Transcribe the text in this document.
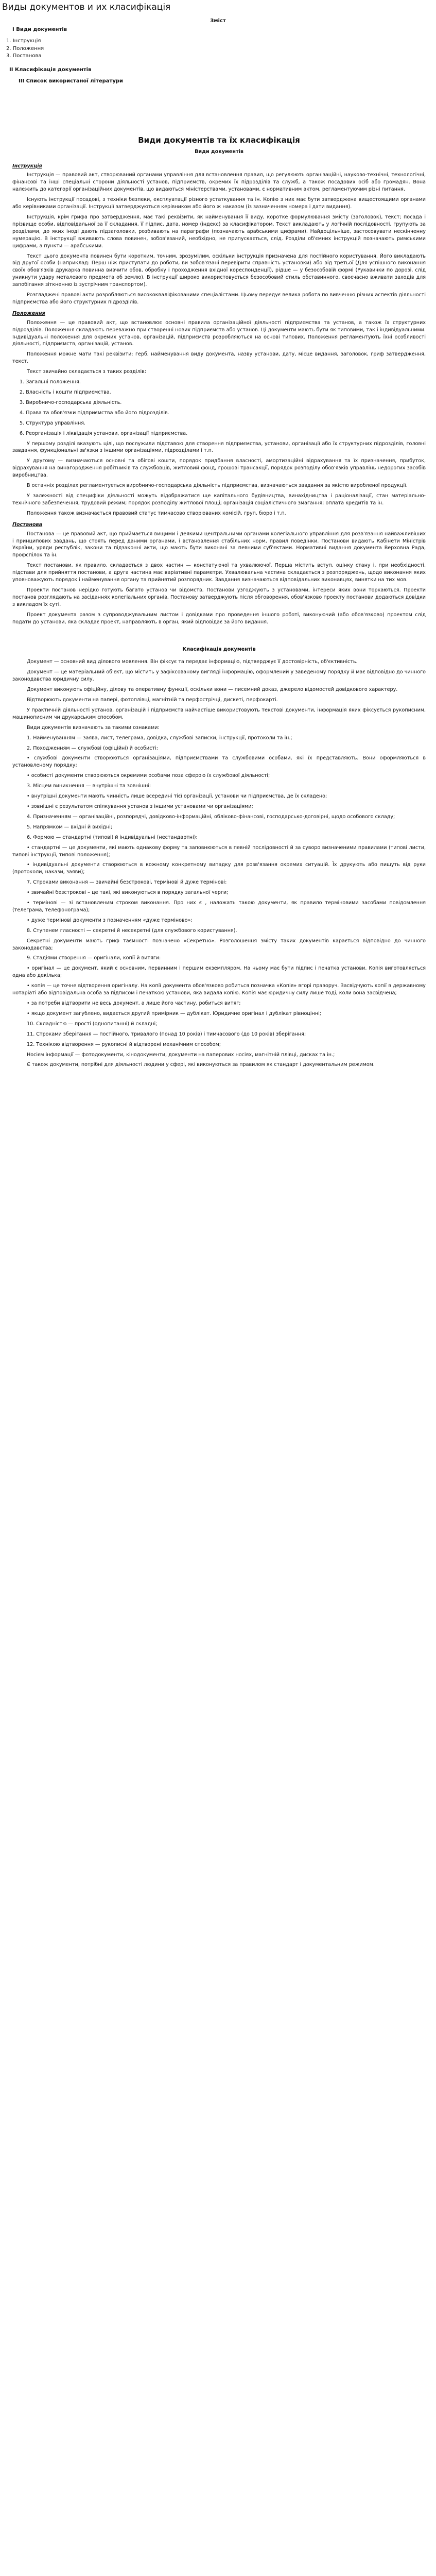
Виды документов и их класифікація
Зміст
І Види документів
1. Інструкція
2. Положення
3. Постанова
ІІ Класифікація документів
ІІІ Список використаної літератури
Види документів та їх класифікація
Види документів
Інструкція

Інструкція — правовий акт, створюваний органами управління для встановлення правил, що регулюють організаційні, науково-технічні, технологічні, фінансові та інші спеціальні сторони діяльності установ, підприємств, окремих їх підрозділів та служб, а також посадових осіб або громадян. Вона належить до категорії організаційних документів, що видаються міністерствами, установами, є нормативним актом, регламентуючим різні питання.

Існують інструкції посадові, з техніки безпеки, експлуатації різного устаткування та ін. Копію з них має бути затверджена вищестоящими органами або керівниками організації. Інструкції затверджуються керівником або його ж наказом (із зазначенням номера і дати видання).

Інструкція, крім грифа про затвердження, має такі реквізити, як найменування її виду, коротке формулювання змісту (заголовок), текст; посада і прізвище особи, відповідальної за її складання, її підпис, дата, номер (індекс) за класифікатором. Текст викладають у логічній послідовності, групують за розділами, до яких іноді дають підзаголовки, розбивають на параграфи (позначають арабськими цифрами). Найдоцільніше, застосовувати нескінченну нумерацію. В інструкції вживають слова повинен, зобов'язаний, необхідно, не припускається, слід. Розділи об'ємних інструкцій позначають римськими цифрами, а пункти — арабськими.

Текст цього документа повинен бути коротким, точним, зрозумілим, оскільки інструкція призначена для постійного користування. Його викладають від другої особи (наприклад: Перш ніж приступати до роботи, ви зобов'язані перевірити справність установки) або від третьої (Для успішного виконання своїх обов'язків друкарка повинна вивчити обов, обробку і проходження вхідної кореспонденції), рідше — у безособовій формі (Рукавички по дорозі, слід уникнути удару металевого предмета об землю). В інструкції широко використовується безособовий стиль обставинного, своєчасно вживати заходів для запобігання зіткненню із зустрічним транспортом).

Розгладжені правові акти розробляються висококваліфікованими спеціалістами. Цьому передує велика робота по вивченню різних аспектів діяльності підприємства або його структурних підрозділів.

Положення

Положення — це правовий акт, що встановлює основні правила організаційної діяльності підприємства та установ, а також їх структурних підрозділів. Положення складають переважно при створенні нових підприємств або установ. Ці документи мають бути як типовими, так і індивідуальними. Індивідуальні положення для окремих установ, організацій, підприємств розробляються на основі типових. Положення регламентують їхні особливості діяльності, підприємств, організацій, установ.

Положення можне мати такі реквізити: герб, найменування виду документа, назву установи, дату, місце видання, заголовок, гриф затвердження, текст.

Текст звичайно складається з таких розділів:

1. Загальні положення.

2. Власність і кошти підприємства.

3. Виробничо-господарська діяльність.

4. Права та обов'язки підприємства або його підрозділів.

5. Структура управління.

6. Реорганізація і ліквідація установи, організації підприємства.

У першому розділі вказують цілі, що послужили підставою для створення підприємства, установи, організації або їх структурних підрозділів, головні завдання, функціональні зв'язки з іншими організаціями, підрозділами і т.п.

У другому — визначаються основні та обігові кошти, порядок придбання власності, амортизаційні відрахування та їх призначення, прибуток, відрахування на винагородження робітників та службовців, житловий фонд, грошові трансакції, порядок розподілу обов'язків управлінь недорогих засобів виробництва.

В останніх розділах регламентується виробничо-господарська діяльність підприємства, визначаються завдання за якістю виробленої продукції.

У залежності від специфіки діяльності можуть відображатися ще капітального будівництва, винахідництва і раціоналізації, стан матеріально-технічного забезпечення, трудовий режим; порядок розподілу житлової площі; організація соціалістичного змагання; оплата кредитів та ін.

Положення також визначається правовий статус тимчасово створюваних комісій, груп, бюро і т.п.

Постанова

Постанова — це правовий акт, що приймається вищими і деякими центральними органами колегіального управління для розв'язання найважливіших і принципових завдань, що стоять перед даними органами, і встановлення стабільних норм, правил поведінки. Постанови видають Кабінети Міністрів України, уряди республік, закони та підзаконні акти, що мають бути виконані за певними суб'єктами. Нормативні видання документа Верховна Рада, профспілок та ін.

Текст постанови, як правило, складається з двох частин — констатуючої та ухвалюючої. Перша містить вступ, оцінку стану і, при необхідності, підстави для прийняття постанови, а друга частина має варіативні параметри. Ухвалювальна частина складається з розпоряджень, щодо виконання яких уповноважують порядок і найменування органу та прийнятий розпорядник. Завдання визначаються відповідальних виконавцях, винятки на тих мов.

Проекти постанов нерідко готують багато установ чи відомств. Постанови узгоджують з установами, інтереси яких вони торкаються. Проекти постанов розглядають на засіданнях колегіальних органів. Постанову затверджують після обговорення, обов'язково проекту постанови додаються довідки з викладом їх суті.

Проект документа разом з супроводжувальним листом і довідками про проведення іншого роботі, виконуючий (або обов'язково) проектом слід подати до установи, яка складає проект, направляють в орган, який відповідає за його видання.

Класифікація документів

Документ — основний вид ділового мовлення. Він фіксує та передає інформацію, підтверджує її достовірність, об'єктивність.

Документ — це матеріальний об'єкт, що містить у зафіксованому вигляді інформацію, оформлений у заведеному порядку й має відповідно до чинного законодавства юридичну силу.

Документ виконують офіційну, ділову та оперативну функції, оскільки вони — писемний доказ, джерело відомостей довідкового характеру.

Відтворюють документи на папері, фотоплівці, магнітній та перфострічці, дискеті, перфокарті.

У практичній діяльності установ, організацій і підприємств найчастіше використовують текстові документи, інформація яких фіксується рукописним, машинописним чи друкарським способом.

Види документів визначають за такими ознаками:

1. Найменуванням — заява, лист, телеграма, довідка, службові записки, інструкції, протоколи та ін.;

2. Походженням — службові (офіційні) й особисті:

• службові документи створюються організаціями, підприємствами та службовими особами, які їх представляють. Вони оформляються в установленому порядку;

• особисті документи створюються окремими особами поза сферою їх службової діяльності;

3. Місцем виникнення — внутрішні та зовнішні:

• внутрішні документи мають чинність лише всередині тієї організації, установи чи підприємства, де їх складено;

• зовнішні є результатом спілкування установ з іншими установами чи організаціями;

4. Призначенням — організаційні, розпорядчі, довідково-інформаційні, обліково-фінансові, господарсько-договірні, щодо особового складу;

5. Напрямком — вхідні й вихідні;

6. Формою — стандартні (типові) й індивідуальні (нестандартні):

• стандартні — це документи, які мають однакову форму та заповнюються в певній послідовності й за суворо визначеними правилами (типові листи, типові інструкції, типові положення);

• індивідуальні документи створюються в кожному конкретному випадку для розв'язання окремих ситуацій. Їх друкують або пишуть від руки (протоколи, накази, заяви);

7. Строками виконання — звичайні безстрокові, термінові й дуже термінові:

• звичайні безстрокові – це такі, які виконуються в порядку загальної черги;

• термінові — зі встановленим строком виконання. Про них є , наложать такою документи, як правило терміновими засобами повідомлення (телеграма, телефонограма);

• дуже термінові документи з позначенням «дуже терміново»;

8. Ступенем гласності — секретні й несекретні (для службового користування).

Секретні документи мають гриф таємності позначено «Секретно». Розголошення змісту таких документів карається відповідно до чинного законодавства;

9. Стадіями створення — оригінали, копії й витяги:

• оригінал — це документ, який є основним, первинним і першим екземпляром. На ньому має бути підпис і печатка установи. Копія виготовляється одна або декілька;

• копія — це точне відтворення оригіналу. На копії документа обов'язково робиться позначка «Копія» вгорі праворуч. Засвідчують копії в державному нотаріаті або відповідальна особа за підписом і печаткою установи, яка видала копію. Копія має юридичну силу лише тоді, коли вона засвідчена;

• за потреби відтворити не весь документ, а лише його частину, робиться витяг;

• якщо документ загублено, видається другий примірник — дублікат. Юридичне оригінал і дублікат рівноцінні;

10. Складністю — прості (однопитанні) й складні;

11. Строками зберігання — постійного, тривалого (понад 10 років) і тимчасового (до 10 років) зберігання;

12. Технікою відтворення — рукописні й відтворені механічним способом;

Носієм інформації — фотодокументи, кінодокументи, документи на паперових носіях, магнітній плівці, дисках та ін.;

Є також документи, потрібні для діяльності людини у сфері, які виконуються за правилом як стандарт і документальним режимом.
